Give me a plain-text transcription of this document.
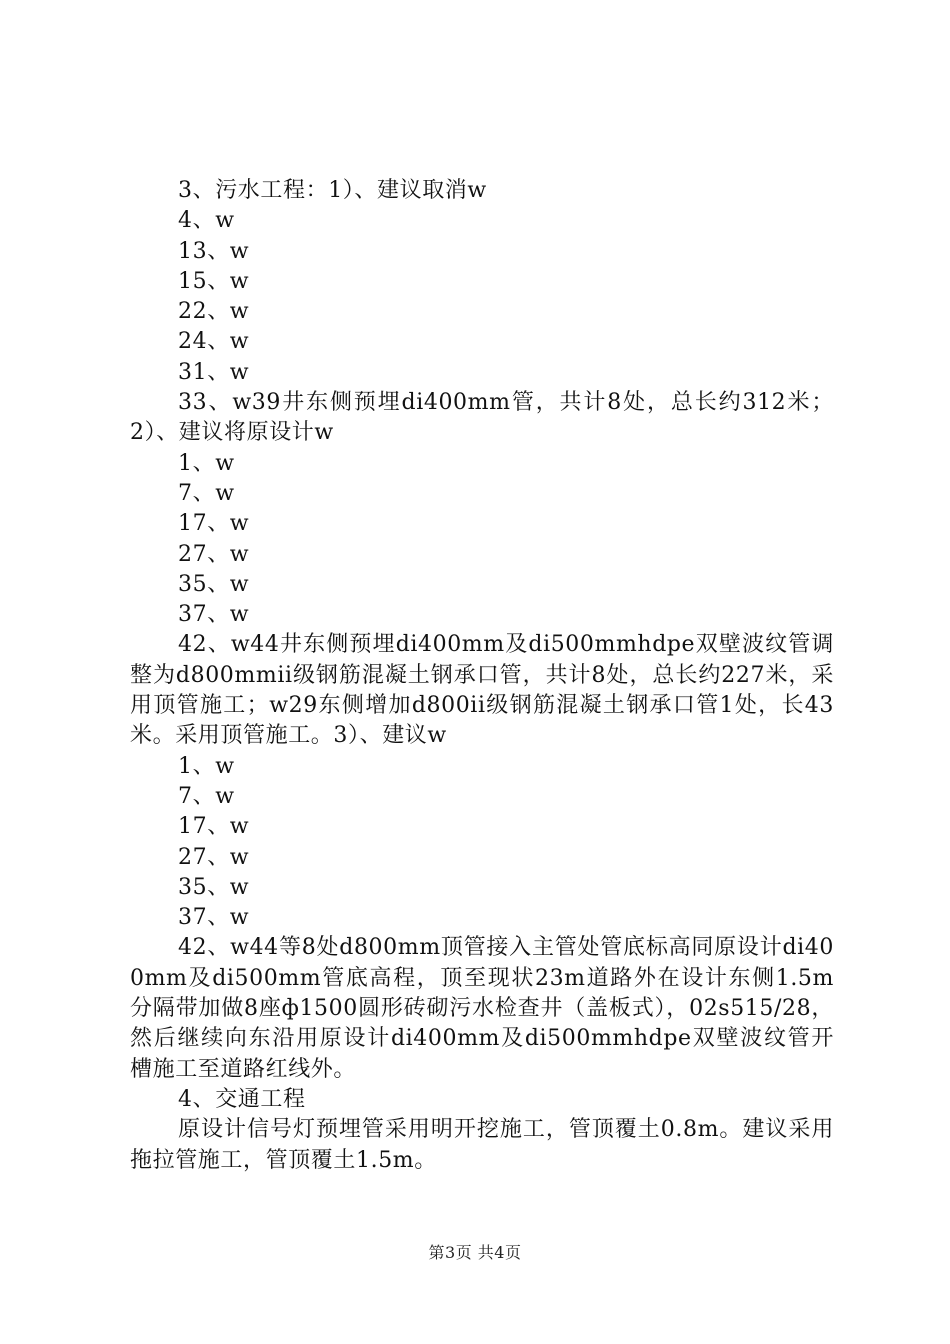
3、污水工程：1）、建议取消w

4、w

13、w

15、w

22、w

24、w

31、w

33、w39井东侧预埋di400mm管，共计8处，总长约312米；2）、建议将原设计w

1、w

7、w

17、w

27、w

35、w

37、w

42、w44井东侧预埋di400mm及di500mmhdpe双壁波纹管调整为d800mmii级钢筋混凝土钢承口管，共计8处，总长约227米，采用顶管施工；w29东侧增加d800ii级钢筋混凝土钢承口管1处，长43米。采用顶管施工。3）、建议w

1、w

7、w

17、w

27、w

35、w

37、w

42、w44等8处d800mm顶管接入主管处管底标高同原设计di400mm及di500mm管底高程，顶至现状23m道路外在设计东侧1.5m分隔带加做8座ф1500圆形砖砌污水检查井（盖板式），02s515/28，然后继续向东沿用原设计di400mm及di500mmhdpe双壁波纹管开槽施工至道路红线外。

4、交通工程

原设计信号灯预埋管采用明开挖施工，管顶覆土0.8m。建议采用拖拉管施工，管顶覆土1.5m。

第3页 共4页
